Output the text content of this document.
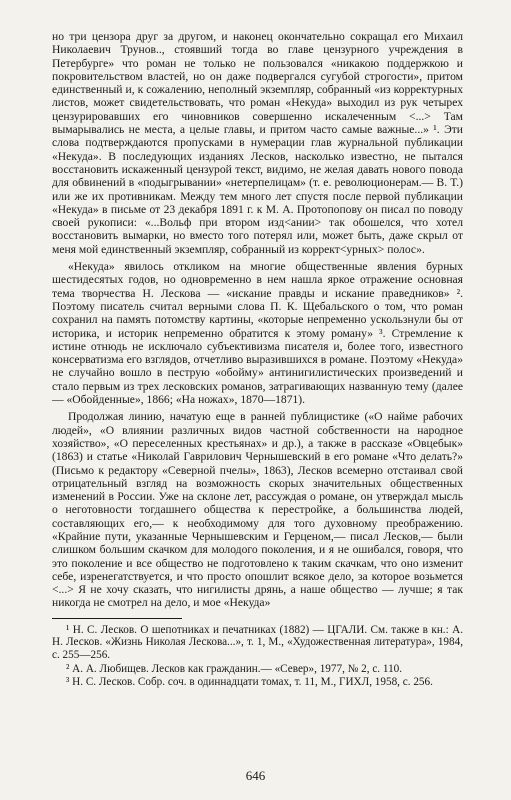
но три цензора друг за другом, и наконец окончательно сокращал его Михаил Николаевич Трунов.., стоявший тогда во главе цензурного учреждения в Петербурге» что роман не только не пользовался «никакою поддержкою и покровительством властей, но он даже подвергался сугубой строгости», притом единственный и, к сожалению, неполный экземпляр, собранный «из корректурных листов, может свидетельствовать, что роман «Некуда» выходил из рук четырех цензурировавших его чиновников совершенно искалеченным <...> Там вымарывались не места, а целые главы, и притом часто самые важные...» ¹. Эти слова подтверждаются пропусками в нумерации глав журнальной публикации «Некуда». В последующих изданиях Лесков, насколько известно, не пытался восстановить искаженный цензурой текст, видимо, не желая давать нового повода для обвинений в «подыгрывании» «нетерпелицам» (т. е. революционерам.— В. Т.) или же их противникам. Между тем много лет спустя после первой публикации «Некуда» в письме от 23 декабря 1891 г. к М. А. Протопопову он писал по поводу своей рукописи: «...Вольф при втором изд<ании> так обошелся, что хотел восстановить вымарки, но вместо того потерял или, может быть, даже скрыл от меня мой единственный экземпляр, собранный из коррект<урных> полос».

«Некуда» явилось откликом на многие общественные явления бурных шестидесятых годов, но одновременно в нем нашла яркое отражение основная тема творчества Н. Лескова — «искание правды и искание праведников» ². Поэтому писатель считал верными слова П. К. Щебальского о том, что роман сохранил на память потомству картины, «которые непременно ускользнули бы от историка, и историк непременно обратится к этому роману» ³. Стремление к истине отнюдь не исключало субъективизма писателя и, более того, известного консерватизма его взглядов, отчетливо выразившихся в романе. Поэтому «Некуда» не случайно вошло в пеструю «обойму» антинигилистических произведений и стало первым из трех лесковских романов, затрагивающих названную тему (далее — «Обойденные», 1866; «На ножах», 1870—1871).

Продолжая линию, начатую еще в ранней публицистике («О найме рабочих людей», «О влиянии различных видов частной собственности на народное хозяйство», «О переселенных крестьянах» и др.), а также в рассказе «Овцебык» (1863) и статье «Николай Гаврилович Чернышевский в его романе «Что делать?» (Письмо к редактору «Северной пчелы», 1863), Лесков всемерно отстаивал свой отрицательный взгляд на возможность скорых значительных общественных изменений в России. Уже на склоне лет, рассуждая о романе, он утверждал мысль о неготовности тогдашнего общества к перестройке, а большинства людей, составляющих его,— к необходимому для того духовному преображению. «Крайние пути, указанные Чернышевским и Герценом,— писал Лесков,— были слишком большим скачком для молодого поколения, и я не ошибался, говоря, что это поколение и все общество не подготовлено к таким скачкам, что оно изменит себе, изренегатствуется, и что просто опошлит всякое дело, за которое возьмется <...> Я не хочу сказать, что нигилисты дрянь, а наше общество — лучше; я так никогда не смотрел на дело, и мое «Некуда»

¹ Н. С. Лесков. О шепотниках и печатниках (1882) — ЦГАЛИ. См. также в кн.: А. Н. Лесков. «Жизнь Николая Лескова...», т. 1, М., «Художественная литература», 1984, с. 255—256.

² А. А. Любищев. Лесков как гражданин.— «Север», 1977, № 2, с. 110.

³ Н. С. Лесков. Собр. соч. в одиннадцати томах, т. 11, М., ГИХЛ, 1958, с. 256.

646
